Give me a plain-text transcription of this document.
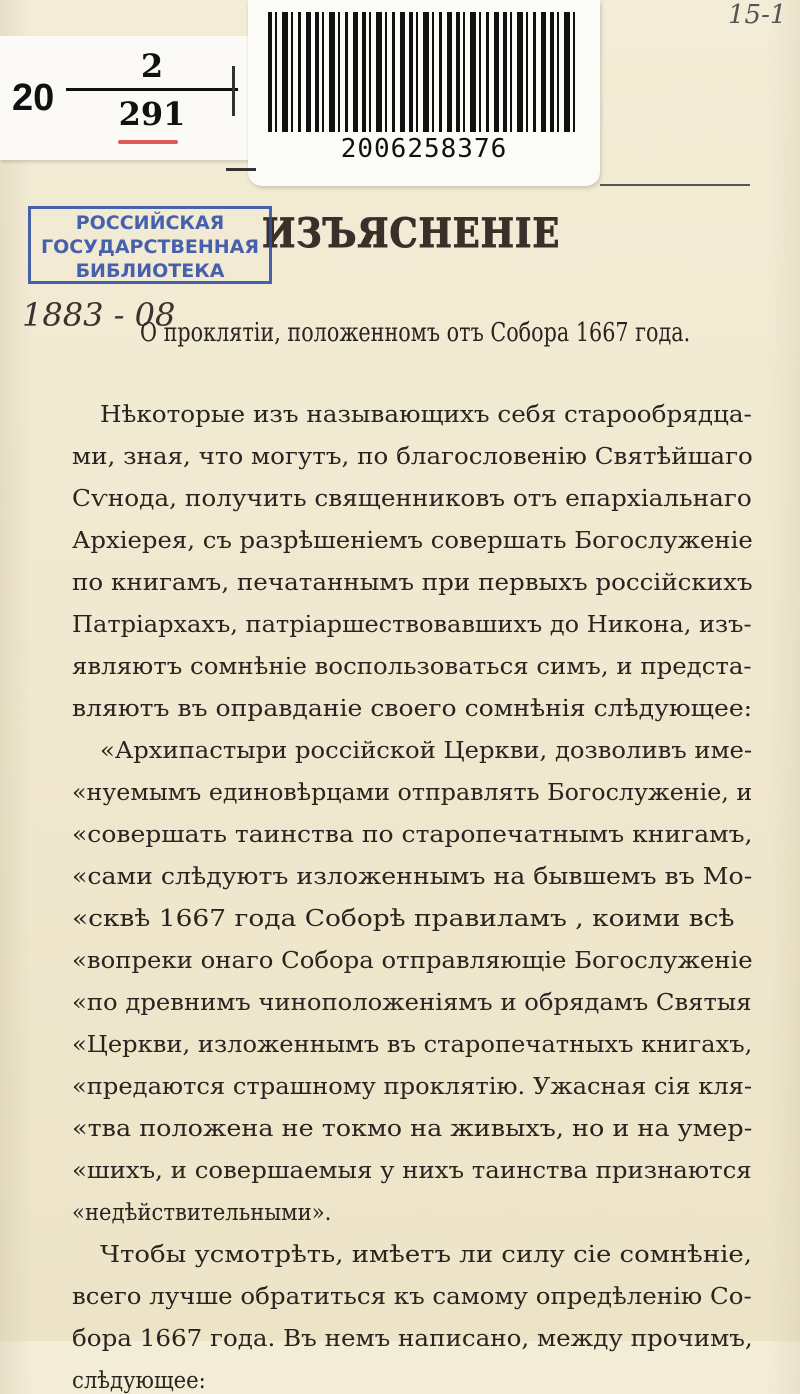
20
2
291
2006258376
15-1
РОССИЙСКАЯ
ГОСУДАРСТВЕННАЯ
БИБЛИОТЕКА
ИЗЪЯСНЕНІЕ
1883 - 08
О проклятіи, положенномъ отъ Собора 1667 года.
Нѣкоторые изъ называющихъ себя старообрядца-
ми, зная, что могутъ, по благословенію Святѣйшаго
Сѵнода, получить священниковъ отъ епархіальнаго
Архіерея, съ разрѣшеніемъ совершать Богослуженіе
по книгамъ, печатаннымъ при первыхъ россійскихъ
Патріархахъ, патріаршествовавшихъ до Никона, изъ-
являютъ сомнѣніе воспользоваться симъ, и предста-
вляютъ въ оправданіе своего сомнѣнія слѣдующее:
«Архипастыри россійской Церкви, дозволивъ име-
«нуемымъ единовѣрцами отправлять Богослуженіе, и
«совершать таинства по старопечатнымъ книгамъ,
«сами слѣдуютъ изложеннымъ на бывшемъ въ Мо-
«сквѣ 1667 года Соборѣ правиламъ , коими всѣ
«вопреки онаго Собора отправляющіе Богослуженіе
«по древнимъ чиноположеніямъ и обрядамъ Святыя
«Церкви, изложеннымъ въ старопечатныхъ книгахъ,
«предаются страшному проклятію. Ужасная сія кля-
«тва положена не токмо на живыхъ, но и на умер-
«шихъ, и совершаемыя у нихъ таинства признаются
«недѣйствительными».
Чтобы усмотрѣть, имѣетъ ли силу сіе сомнѣніе,
всего лучше обратиться къ самому опредѣленію Со-
бора 1667 года. Въ немъ написано, между прочимъ,
слѣдующее:
